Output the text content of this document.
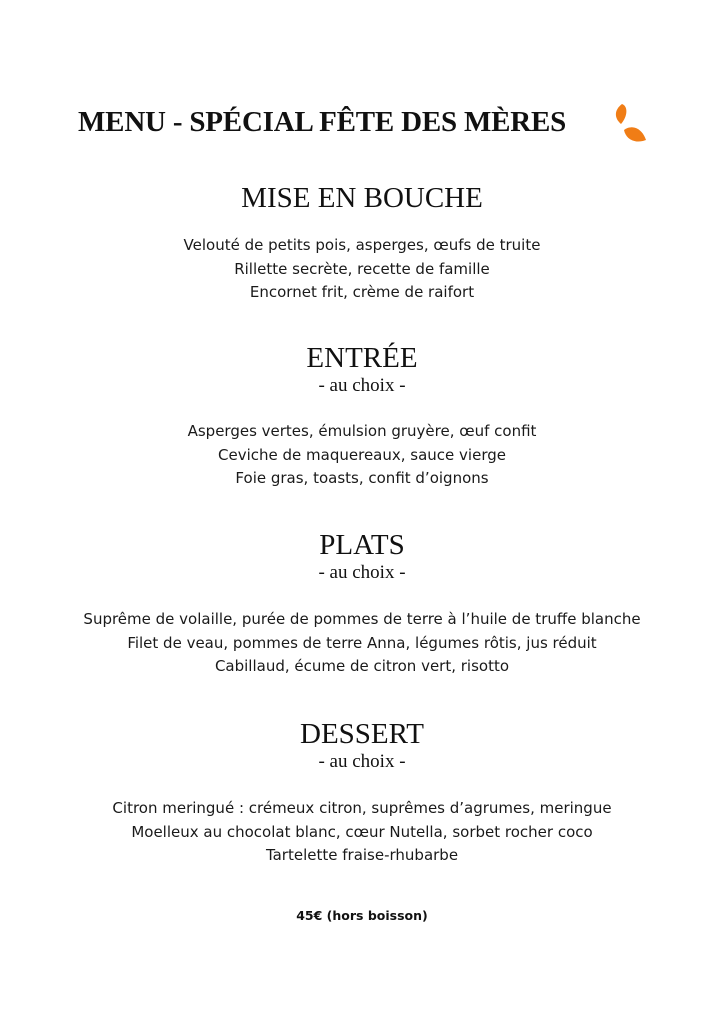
MENU - SPÉCIAL FÊTE DES MÈRES
MISE EN BOUCHE
Velouté de petits pois, asperges, œufs de truite
Rillette secrète, recette de famille
Encornet frit, crème de raifort
ENTRÉE
- au choix -
Asperges vertes, émulsion gruyère, œuf confit
Ceviche de maquereaux, sauce vierge
Foie gras, toasts, confit d’oignons
PLATS
- au choix -
Suprême de volaille, purée de pommes de terre à l’huile de truffe blanche
Filet de veau, pommes de terre Anna, légumes rôtis, jus réduit
Cabillaud, écume de citron vert, risotto
DESSERT
- au choix -
Citron meringué : crémeux citron, suprêmes d’agrumes, meringue
Moelleux au chocolat blanc, cœur Nutella, sorbet rocher coco
Tartelette fraise-rhubarbe
45€ (hors boisson)
